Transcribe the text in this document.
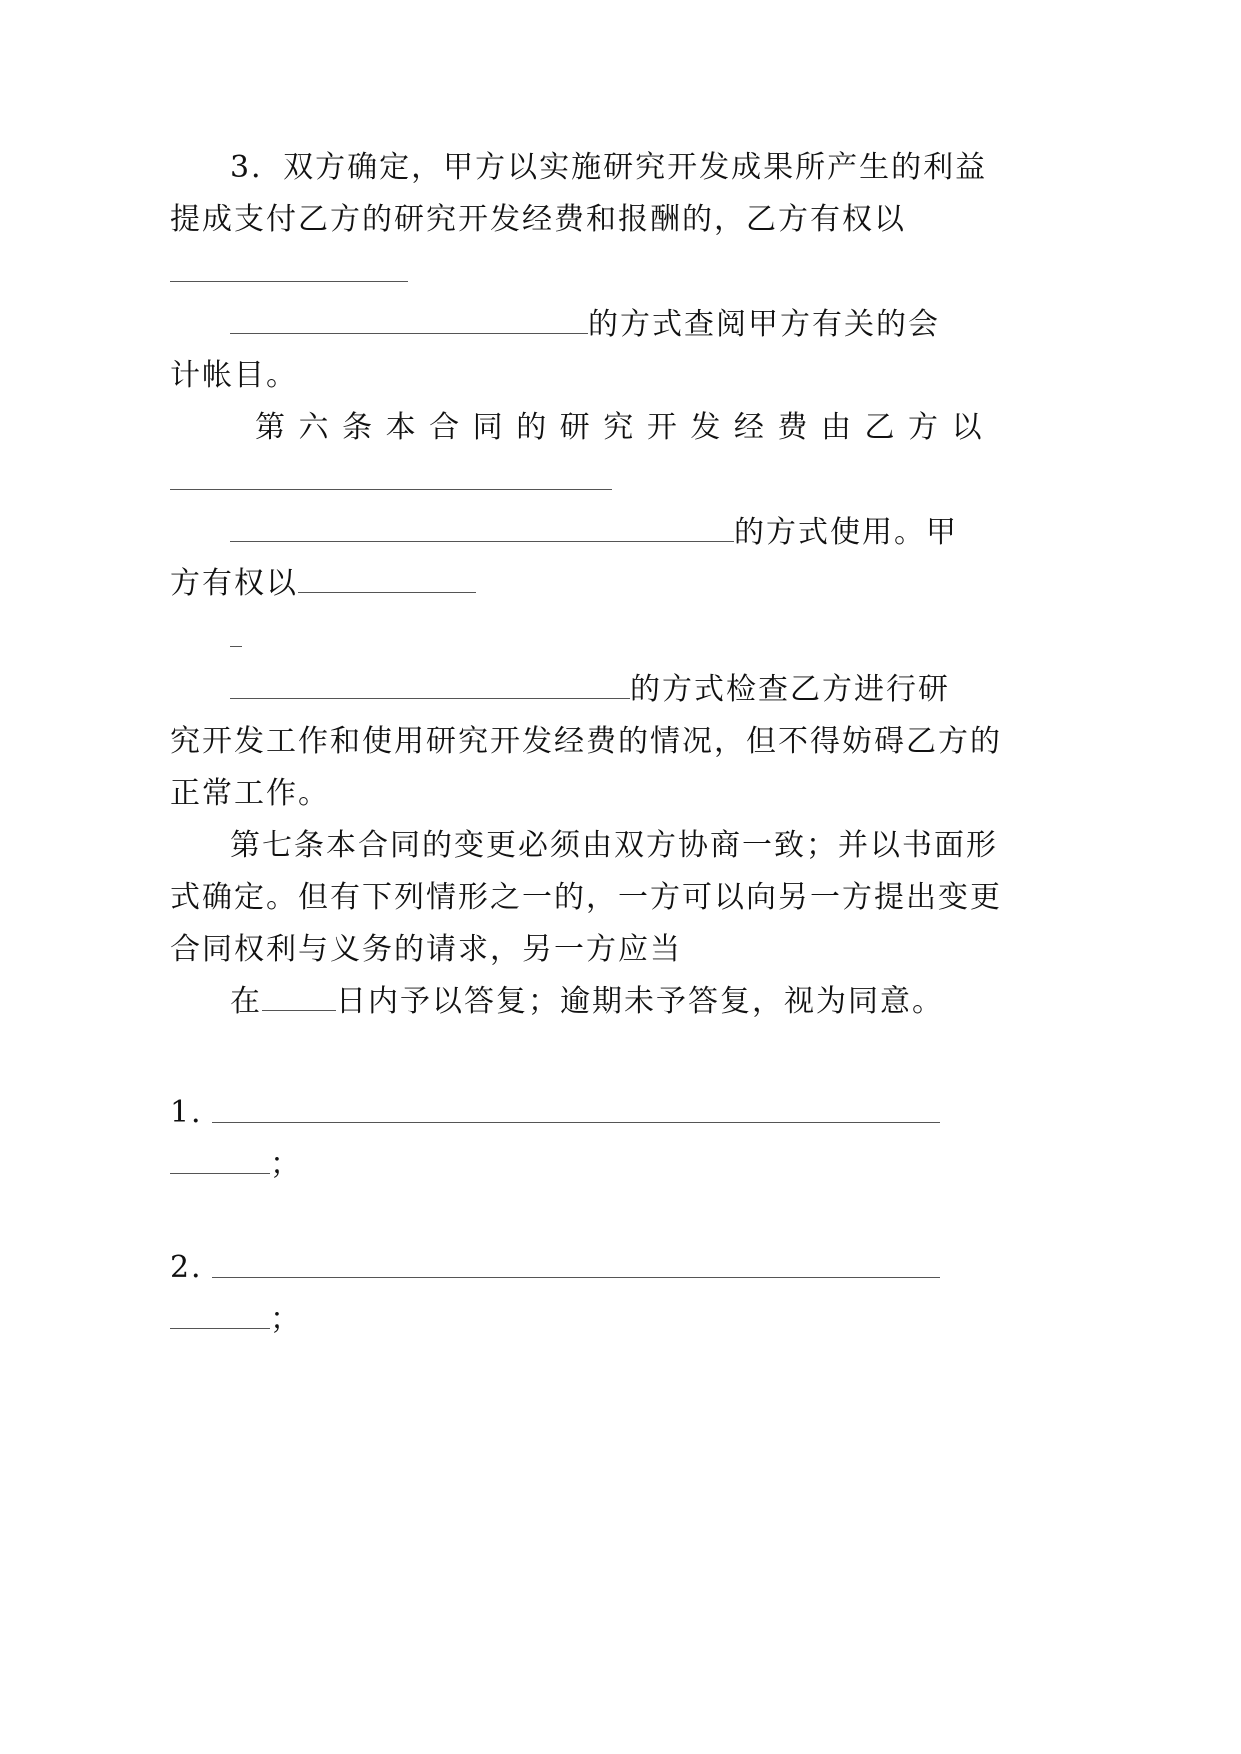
3．双方确定，甲方以实施研究开发成果所产生的利益
提成支付乙方的研究开发经费和报酬的，乙方有权以
的方式查阅甲方有关的会
计帐目。
第 六 条 本 合 同 的 研 究 开 发 经 费 由 乙 方 以
的方式使用。甲
方有权以
的方式检查乙方进行研
究开发工作和使用研究开发经费的情况，但不得妨碍乙方的
正常工作。
第七条本合同的变更必须由双方协商一致；并以书面形
式确定。但有下列情形之一的，一方可以向另一方提出变更
合同权利与义务的请求，另一方应当
在 日内予以答复；逾期未予答复，视为同意。
1．
；
2．
；
